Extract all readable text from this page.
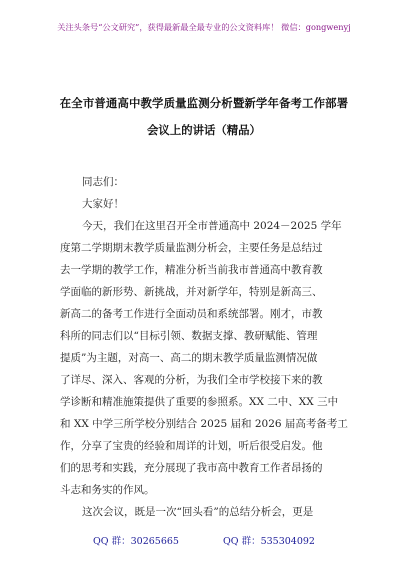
关注头条号“公文研究”，获得最新最全最专业的公文资料库！ 微信：gongwenyj
在全市普通高中教学质量监测分析暨新学年备考工作部署
会议上的讲话（精品）
同志们：
大家好！
今天，我们在这里召开全市普通高中 2024－2025 学年
度第二学期期末教学质量监测分析会，主要任务是总结过
去一学期的教学工作，精准分析当前我市普通高中教育教
学面临的新形势、新挑战，并对新学年，特别是新高三、
新高二的备考工作进行全面动员和系统部署。刚才，市教
科所的同志们以“目标引领、数据支撑、教研赋能、管理
提质”为主题，对高一、高二的期末教学质量监测情况做
了详尽、深入、客观的分析，为我们全市学校接下来的教
学诊断和精准施策提供了重要的参照系。XX 二中、XX 三中
和 XX 中学三所学校分别结合 2025 届和 2026 届高考备考工
作，分享了宝贵的经验和周详的计划，听后很受启发。他
们的思考和实践，充分展现了我市高中教育工作者昂扬的
斗志和务实的作风。
这次会议，既是一次“回头看”的总结分析会，更是
QQ 群：30265665	QQ 群：535304092
